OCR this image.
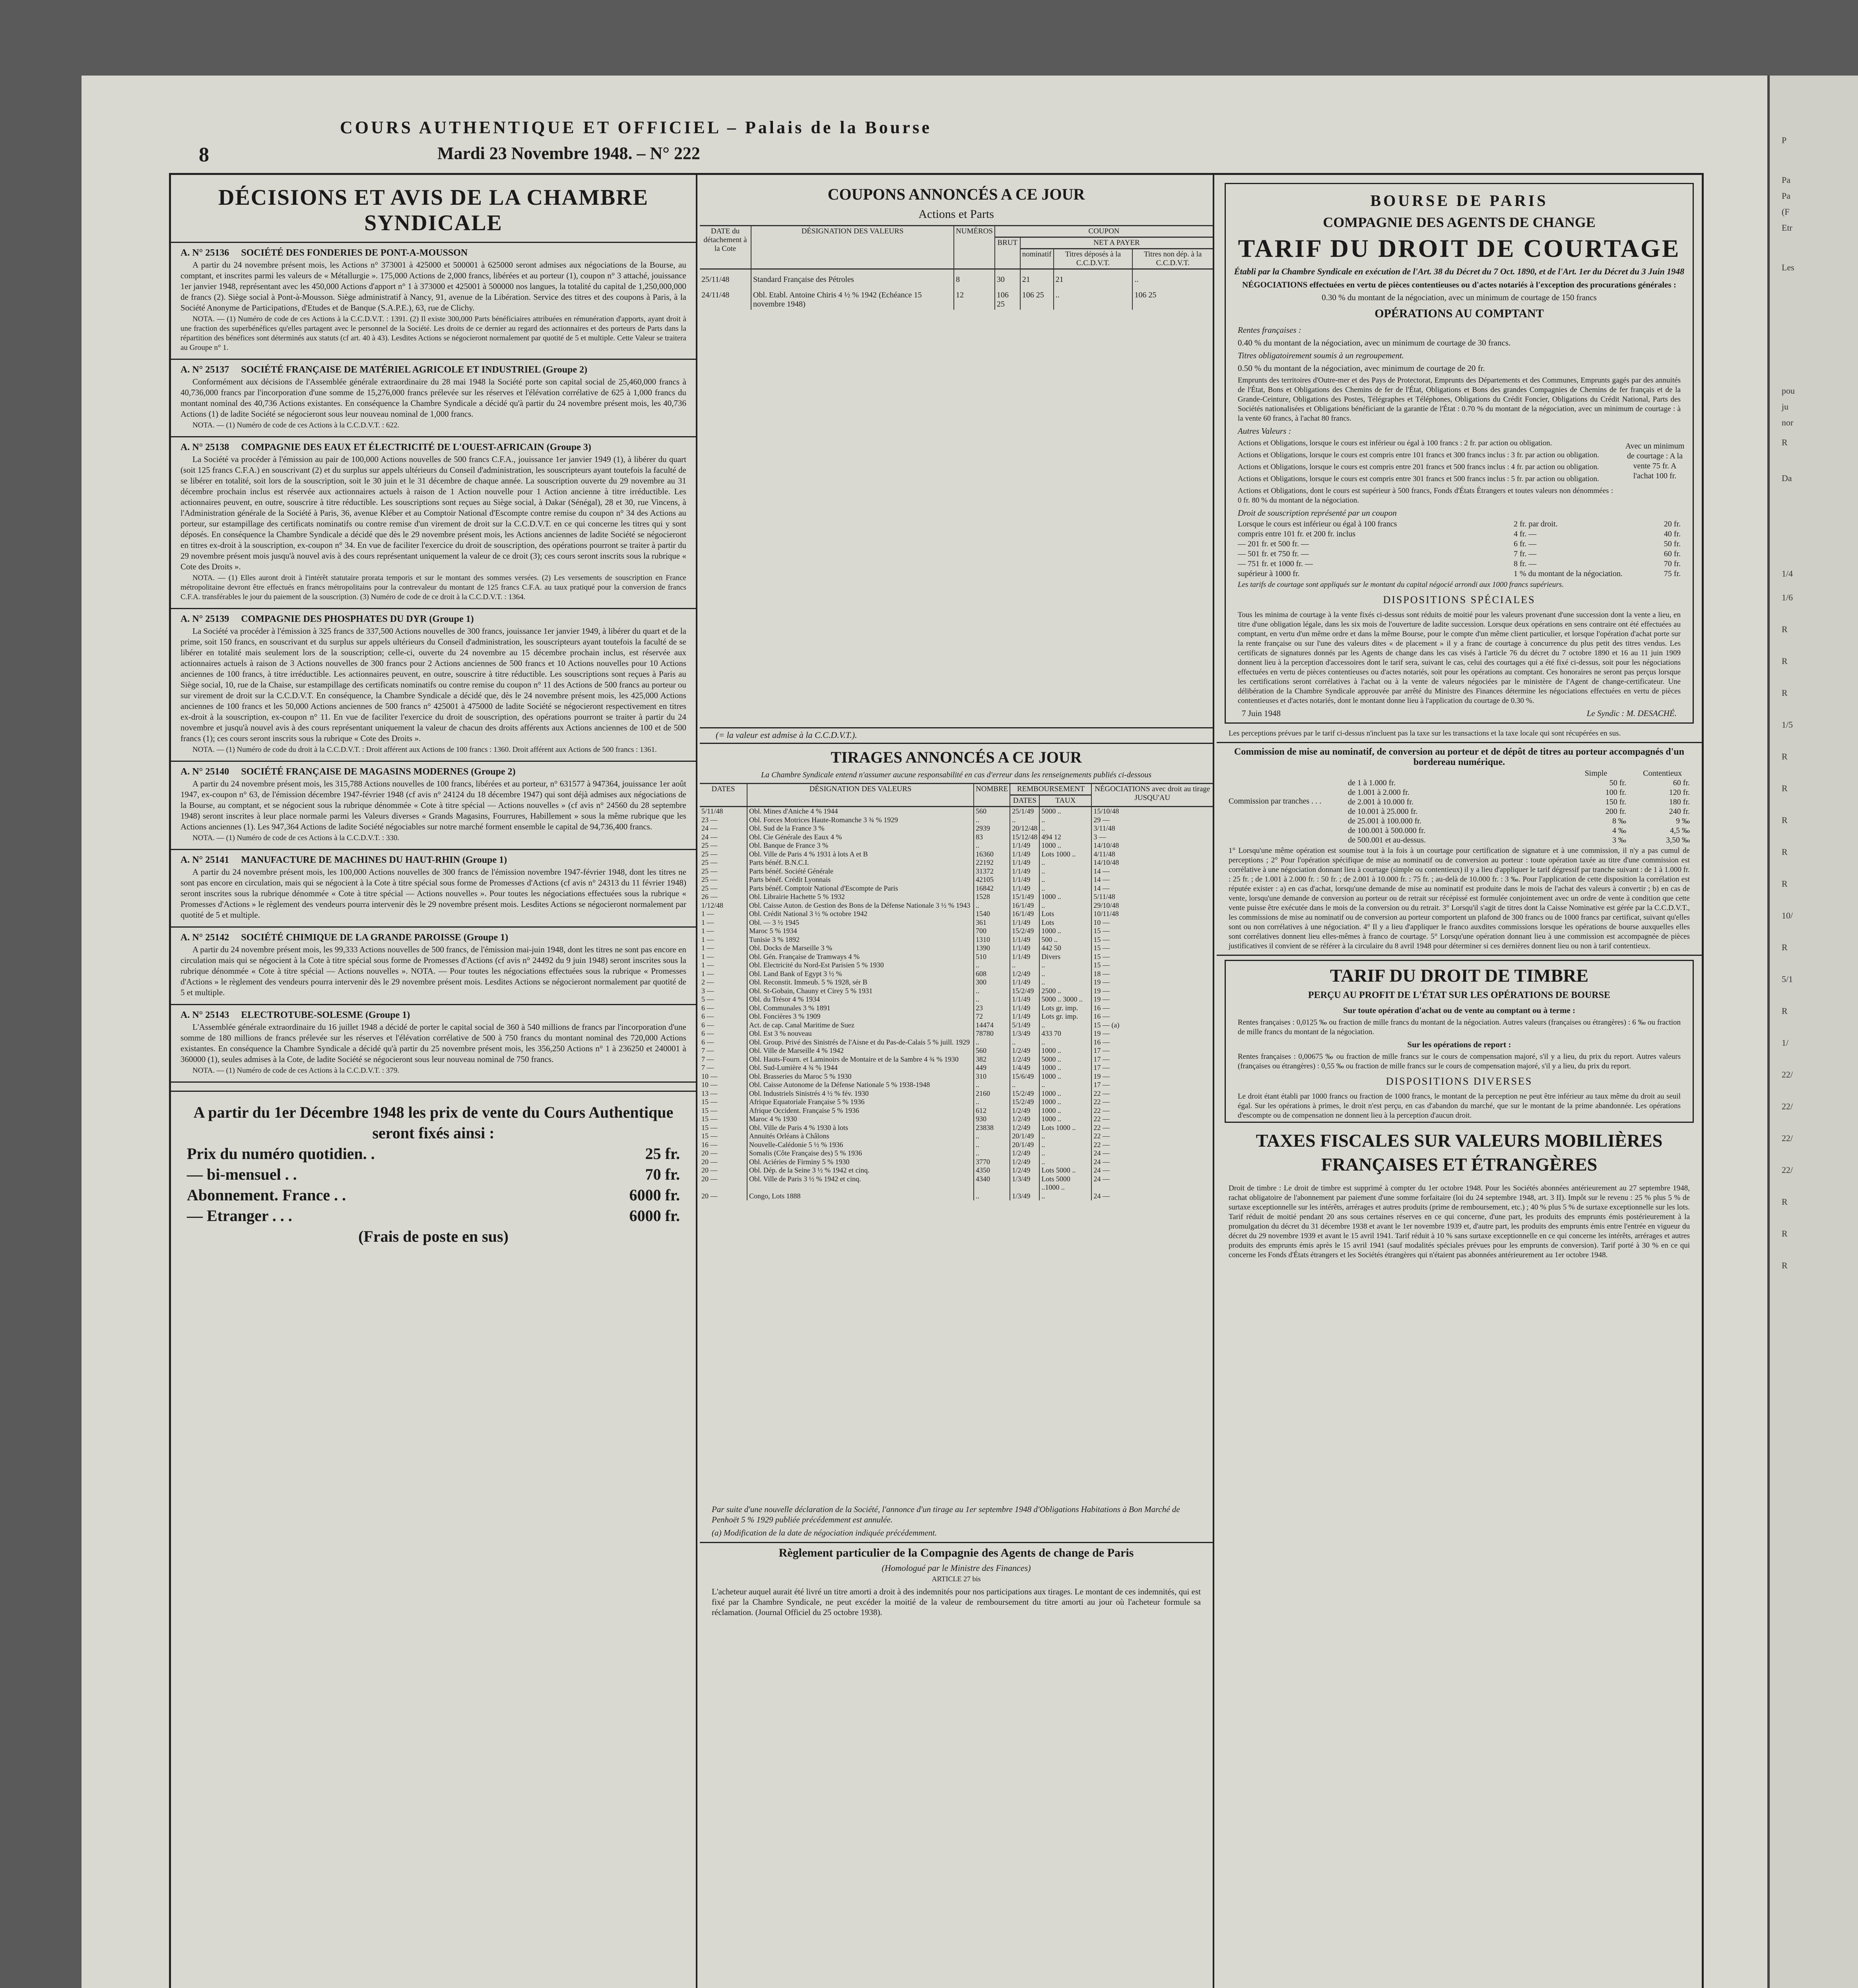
8
COURS AUTHENTIQUE ET OFFICIEL – Palais de la Bourse
Mardi 23 Novembre 1948. – N° 222
DÉCISIONS ET AVIS DE LA CHAMBRE SYNDICALE
A. N° 25136 SOCIÉTÉ DES FONDERIES DE PONT-A-MOUSSON

A partir du 24 novembre présent mois, les Actions n° 373001 à 425000 et 500001 à 625000 seront admises aux négociations de la Bourse, au comptant, et inscrites parmi les valeurs de « Métallurgie ». 175,000 Actions de 2,000 francs, libérées et au porteur (1), coupon n° 3 attaché, jouissance 1er janvier 1948, représentant avec les 450,000 Actions d'apport n° 1 à 373000 et 425001 à 500000 nos langues, la totalité du capital de 1,250,000,000 de francs (2). Siège social à Pont-à-Mousson. Siège administratif à Nancy, 91, avenue de la Libération. Service des titres et des coupons à Paris, à la Société Anonyme de Participations, d'Etudes et de Banque (S.A.P.E.), 63, rue de Clichy.

NOTA. — (1) Numéro de code de ces Actions à la C.C.D.V.T. : 1391. (2) Il existe 300,000 Parts bénéficiaires attribuées en rémunération d'apports, ayant droit à une fraction des superbénéfices qu'elles partagent avec le personnel de la Société. Les droits de ce dernier au regard des actionnaires et des porteurs de Parts dans la répartition des bénéfices sont déterminés aux statuts (cf art. 40 à 43). Lesdites Actions se négocieront normalement par quotité de 5 et multiple. Cette Valeur se traitera au Groupe n° 1.

A. N° 25137 SOCIÉTÉ FRANÇAISE DE MATÉRIEL AGRICOLE ET INDUSTRIEL (Groupe 2)

Conformément aux décisions de l'Assemblée générale extraordinaire du 28 mai 1948 la Société porte son capital social de 25,460,000 francs à 40,736,000 francs par l'incorporation d'une somme de 15,276,000 francs prélevée sur les réserves et l'élévation corrélative de 625 à 1,000 francs du montant nominal des 40,736 Actions existantes. En conséquence la Chambre Syndicale a décidé qu'à partir du 24 novembre présent mois, les 40,736 Actions (1) de ladite Société se négocieront sous leur nouveau nominal de 1,000 francs.

NOTA. — (1) Numéro de code de ces Actions à la C.C.D.V.T. : 622.

A. N° 25138 COMPAGNIE DES EAUX ET ÉLECTRICITÉ DE L'OUEST-AFRICAIN (Groupe 3)

La Société va procéder à l'émission au pair de 100,000 Actions nouvelles de 500 francs C.F.A., jouissance 1er janvier 1949 (1), à libérer du quart (soit 125 francs C.F.A.) en souscrivant (2) et du surplus sur appels ultérieurs du Conseil d'administration, les souscripteurs ayant toutefois la faculté de se libérer en totalité, soit lors de la souscription, soit le 30 juin et le 31 décembre de chaque année. La souscription ouverte du 29 novembre au 31 décembre prochain inclus est réservée aux actionnaires actuels à raison de 1 Action nouvelle pour 1 Action ancienne à titre irréductible. Les actionnaires peuvent, en outre, souscrire à titre réductible. Les souscriptions sont reçues au Siège social, à Dakar (Sénégal), 28 et 30, rue Vincens, à l'Administration générale de la Société à Paris, 36, avenue Kléber et au Comptoir National d'Escompte contre remise du coupon n° 34 des Actions au porteur, sur estampillage des certificats nominatifs ou contre remise d'un virement de droit sur la C.C.D.V.T. en ce qui concerne les titres qui y sont déposés. En conséquence la Chambre Syndicale a décidé que dès le 29 novembre présent mois, les Actions anciennes de ladite Société se négocieront en titres ex-droit à la souscription, ex-coupon n° 34. En vue de faciliter l'exercice du droit de souscription, des opérations pourront se traiter à partir du 29 novembre présent mois jusqu'à nouvel avis à des cours représentant uniquement la valeur de ce droit (3); ces cours seront inscrits sous la rubrique « Cote des Droits ».

NOTA. — (1) Elles auront droit à l'intérêt statutaire prorata temporis et sur le montant des sommes versées. (2) Les versements de souscription en France métropolitaine devront être effectués en francs métropolitains pour la contrevaleur du montant de 125 francs C.F.A. au taux pratiqué pour la conversion de francs C.F.A. transférables le jour du paiement de la souscription. (3) Numéro de code de ce droit à la C.C.D.V.T. : 1364.

A. N° 25139 COMPAGNIE DES PHOSPHATES DU DYR (Groupe 1)

La Société va procéder à l'émission à 325 francs de 337,500 Actions nouvelles de 300 francs, jouissance 1er janvier 1949, à libérer du quart et de la prime, soit 150 francs, en souscrivant et du surplus sur appels ultérieurs du Conseil d'administration, les souscripteurs ayant toutefois la faculté de se libérer en totalité mais seulement lors de la souscription; celle-ci, ouverte du 24 novembre au 15 décembre prochain inclus, est réservée aux actionnaires actuels à raison de 3 Actions nouvelles de 300 francs pour 2 Actions anciennes de 500 francs et 10 Actions nouvelles pour 10 Actions anciennes de 100 francs, à titre irréductible. Les actionnaires peuvent, en outre, souscrire à titre réductible. Les souscriptions sont reçues à Paris au Siège social, 10, rue de la Chaise, sur estampillage des certificats nominatifs ou contre remise du coupon n° 11 des Actions de 500 francs au porteur ou sur virement de droit sur la C.C.D.V.T. En conséquence, la Chambre Syndicale a décidé que, dès le 24 novembre présent mois, les 425,000 Actions anciennes de 100 francs et les 50,000 Actions anciennes de 500 francs n° 425001 à 475000 de ladite Société se négocieront respectivement en titres ex-droit à la souscription, ex-coupon n° 11. En vue de faciliter l'exercice du droit de souscription, des opérations pourront se traiter à partir du 24 novembre et jusqu'à nouvel avis à des cours représentant uniquement la valeur de chacun des droits afférents aux Actions anciennes de 100 et de 500 francs (1); ces cours seront inscrits sous la rubrique « Cote des Droits ».

NOTA. — (1) Numéro de code du droit à la C.C.D.V.T. : Droit afférent aux Actions de 100 francs : 1360. Droit afférent aux Actions de 500 francs : 1361.

A. N° 25140 SOCIÉTÉ FRANÇAISE DE MAGASINS MODERNES (Groupe 2)

A partir du 24 novembre présent mois, les 315,788 Actions nouvelles de 100 francs, libérées et au porteur, n° 631577 à 947364, jouissance 1er août 1947, ex-coupon n° 63, de l'émission décembre 1947-février 1948 (cf avis n° 24124 du 18 décembre 1947) qui sont déjà admises aux négociations de la Bourse, au comptant, et se négocient sous la rubrique dénommée « Cote à titre spécial — Actions nouvelles » (cf avis n° 24560 du 28 septembre 1948) seront inscrites à leur place normale parmi les Valeurs diverses « Grands Magasins, Fourrures, Habillement » sous la même rubrique que les Actions anciennes (1). Les 947,364 Actions de ladite Société négociables sur notre marché forment ensemble le capital de 94,736,400 francs.

NOTA. — (1) Numéro de code de ces Actions à la C.C.D.V.T. : 330.

A. N° 25141 MANUFACTURE DE MACHINES DU HAUT-RHIN (Groupe 1)

A partir du 24 novembre présent mois, les 100,000 Actions nouvelles de 300 francs de l'émission novembre 1947-février 1948, dont les titres ne sont pas encore en circulation, mais qui se négocient à la Cote à titre spécial sous forme de Promesses d'Actions (cf avis n° 24313 du 11 février 1948) seront inscrites sous la rubrique dénommée « Cote à titre spécial — Actions nouvelles ». Pour toutes les négociations effectuées sous la rubrique « Promesses d'Actions » le règlement des vendeurs pourra intervenir dès le 29 novembre présent mois. Lesdites Actions se négocieront normalement par quotité de 5 et multiple.

A. N° 25142 SOCIÉTÉ CHIMIQUE DE LA GRANDE PAROISSE (Groupe 1)

A partir du 24 novembre présent mois, les 99,333 Actions nouvelles de 500 francs, de l'émission mai-juin 1948, dont les titres ne sont pas encore en circulation mais qui se négocient à la Cote à titre spécial sous forme de Promesses d'Actions (cf avis n° 24492 du 9 juin 1948) seront inscrites sous la rubrique dénommée « Cote à titre spécial — Actions nouvelles ». NOTA. — Pour toutes les négociations effectuées sous la rubrique « Promesses d'Actions » le règlement des vendeurs pourra intervenir dès le 29 novembre présent mois. Lesdites Actions se négocieront normalement par quotité de 5 et multiple.

A. N° 25143 ELECTROTUBE-SOLESME (Groupe 1)

L'Assemblée générale extraordinaire du 16 juillet 1948 a décidé de porter le capital social de 360 à 540 millions de francs par l'incorporation d'une somme de 180 millions de francs prélevée sur les réserves et l'élévation corrélative de 500 à 750 francs du montant nominal des 720,000 Actions existantes. En conséquence la Chambre Syndicale a décidé qu'à partir du 25 novembre présent mois, les 356,250 Actions n° 1 à 236250 et 240001 à 360000 (1), seules admises à la Cote, de ladite Société se négocieront sous leur nouveau nominal de 750 francs.

NOTA. — (1) Numéro de code de ces Actions à la C.C.D.V.T. : 379.

A partir du 1er Décembre 1948 les prix de vente du Cours Authentique seront fixés ainsi :
Prix du numéro quotidien. .	25 fr.
— bi-mensuel . .	70 fr.
Abonnement. France . .	6000 fr.
— Etranger . . .	6000 fr.
(Frais de poste en sus)
COUPONS ANNONCÉS A CE JOUR
Actions et Parts
DATE du détachement à la Cote	DÉSIGNATION DES VALEURS	NUMÉROS	COUPON			
			BRUT	NET A PAYER		
				nominatif	Titres déposés à la C.C.D.V.T.	Titres non dép. à la C.C.D.V.T.
25/11/48	Standard Française des Pétroles	8	30	21	21	..
24/11/48	Obl. Etabl. Antoine Chiris 4 ½ % 1942 (Echéance 15 novembre 1948)	12	106 25	106 25	..	106 25
(= la valeur est admise à la C.C.D.V.T.).
TIRAGES ANNONCÉS A CE JOUR
La Chambre Syndicale entend n'assumer aucune responsabilité en cas d'erreur dans les renseignements publiés ci-dessous
DATES	DÉSIGNATION DES VALEURS	NOMBRE	REMBOURSEMENT		NÉGOCIATIONS avec droit au tirage JUSQU'AU
			DATES	TAUX	
5/11/48	Obl. Mines d'Aniche 4 % 1944	560	25/1/49	5000 ..	15/10/48
23 —	Obl. Forces Motrices Haute-Romanche 3 ¾ % 1929	..	..	..	29 —
24 —	Obl. Sud de la France 3 %	2939	20/12/48	..	3/11/48
24 —	Obl. Cie Générale des Eaux 4 %	83	15/12/48	494 12	3 —
25 —	Obl. Banque de France 3 %	..	1/1/49	1000 ..	14/10/48
25 —	Obl. Ville de Paris 4 % 1931 à lots A et B	16360	1/1/49	Lots 1000 ..	4/11/48
25 —	Parts bénéf. B.N.C.I.	22192	1/1/49	..	14/10/48
25 —	Parts bénéf. Société Générale	31372	1/1/49	..	14 —
25 —	Parts bénéf. Crédit Lyonnais	42105	1/1/49	..	14 —
25 —	Parts bénéf. Comptoir National d'Escompte de Paris	16842	1/1/49	..	14 —
26 —	Obl. Librairie Hachette 5 % 1932	1528	15/1/49	1000 ..	5/11/48
1/12/48	Obl. Caisse Auton. de Gestion des Bons de la Défense Nationale 3 ½ % 1943	..	16/1/49	..	29/10/48
1 —	Obl. Crédit National 3 ½ % octobre 1942	1540	16/1/49	Lots	10/11/48
1 —	Obl. — 3 ½ 1945	361	1/1/49	Lots	10 —
1 —	Maroc 5 % 1934	700	15/2/49	1000 ..	15 —
1 —	Tunisie 3 % 1892	1310	1/1/49	500 ..	15 —
1 —	Obl. Docks de Marseille 3 %	1390	1/1/49	442 50	15 —
1 —	Obl. Gén. Française de Tramways 4 %	510	1/1/49	Divers	15 —
1 —	Obl. Electricité du Nord-Est Parisien 5 % 1930	..	..	..	15 —
1 —	Obl. Land Bank of Egypt 3 ½ %	608	1/2/49	..	18 —
2 —	Obl. Reconstit. Immeub. 5 % 1928, sér B	300	1/1/49	..	19 —
3 —	Obl. St-Gobain, Chauny et Cirey 5 % 1931	..	15/2/49	2500 ..	19 —
5 —	Obl. du Trésor 4 % 1934	..	1/1/49	5000 .. 3000 ..	19 —
6 —	Obl. Communales 3 % 1891	23	1/1/49	Lots gr. imp.	16 —
6 —	Obl. Foncières 3 % 1909	72	1/1/49	Lots gr. imp.	16 —
6 —	Act. de cap. Canal Maritime de Suez	14474	5/1/49	..	15 — (a)
6 —	Obl. Est 3 % nouveau	78780	1/3/49	433 70	19 —
6 —	Obl. Group. Privé des Sinistrés de l'Aisne et du Pas-de-Calais 5 % juill. 1929	..	..	..	16 —
7 —	Obl. Ville de Marseille 4 % 1942	560	1/2/49	1000 ..	17 —
7 —	Obl. Hauts-Fourn. et Laminoirs de Montaire et de la Sambre 4 ¾ % 1930	382	1/2/49	5000 ..	17 —
7 —	Obl. Sud-Lumière 4 ¾ % 1944	449	1/4/49	1000 ..	17 —
10 —	Obl. Brasseries du Maroc 5 % 1930	310	15/6/49	1000 ..	19 —
10 —	Obl. Caisse Autonome de la Défense Nationale 5 % 1938-1948	..	..	..	17 —
13 —	Obl. Industriels Sinistrés 4 ½ % fév. 1930	2160	15/2/49	1000 ..	22 —
15 —	Afrique Equatoriale Française 5 % 1936	..	15/2/49	1000 ..	22 —
15 —	Afrique Occident. Française 5 % 1936	612	1/2/49	1000 ..	22 —
15 —	Maroc 4 % 1930	930	1/2/49	1000 ..	22 —
15 —	Obl. Ville de Paris 4 % 1930 à lots	23838	1/2/49	Lots 1000 ..	22 —
15 —	Annuités Orléans à Châlons	..	20/1/49	..	22 —
16 —	Nouvelle-Calédonie 5 ½ % 1936	..	20/1/49	..	22 —
20 —	Somalis (Côte Française des) 5 % 1936	..	1/2/49	..	24 —
20 —	Obl. Aciéries de Firminy 5 % 1930	3770	1/2/49	..	24 —
20 —	Obl. Dép. de la Seine 3 ½ % 1942 et cinq.	4350	1/2/49	Lots 5000 ..	24 —
20 —	Obl. Ville de Paris 3 ½ % 1942 et cinq.	4340	1/3/49	Lots 5000 ..1000 ..	24 —
20 —	Congo, Lots 1888	..	1/3/49	..	24 —
Par suite d'une nouvelle déclaration de la Société, l'annonce d'un tirage au 1er septembre 1948 d'Obligations Habitations à Bon Marché de Penhoët 5 % 1929 publiée précédemment est annulée.
(a) Modification de la date de négociation indiquée précédemment.
Règlement particulier de la Compagnie des Agents de change de Paris
(Homologué par le Ministre des Finances)
ARTICLE 27 bis
L'acheteur auquel aurait été livré un titre amorti a droit à des indemnités pour nos participations aux tirages. Le montant de ces indemnités, qui est fixé par la Chambre Syndicale, ne peut excéder la moitié de la valeur de remboursement du titre amorti au jour où l'acheteur formule sa réclamation. (Journal Officiel du 25 octobre 1938).
BOURSE DE PARIS
COMPAGNIE DES AGENTS DE CHANGE
TARIF DU DROIT DE COURTAGE
Établi par la Chambre Syndicale en exécution de l'Art. 38 du Décret du 7 Oct. 1890, et de l'Art. 1er du Décret du 3 Juin 1948
NÉGOCIATIONS effectuées en vertu de pièces contentieuses ou d'actes notariés à l'exception des procurations générales :
0.30 % du montant de la négociation, avec un minimum de courtage de 150 francs
OPÉRATIONS AU COMPTANT
Rentes françaises :
0.40 % du montant de la négociation, avec un minimum de courtage de 30 francs.
Titres obligatoirement soumis à un regroupement.
0.50 % du montant de la négociation, avec minimum de courtage de 20 fr.
Emprunts des territoires d'Outre-mer et des Pays de Protectorat, Emprunts des Départements et des Communes, Emprunts gagés par des annuités de l'État, Bons et Obligations des Chemins de fer de l'État, Obligations et Bons des grandes Compagnies de Chemins de fer français et de la Grande-Ceinture, Obligations des Postes, Télégraphes et Téléphones, Obligations du Crédit Foncier, Obligations du Crédit National, Parts des Sociétés nationalisées et Obligations bénéficiant de la garantie de l'État : 0.70 % du montant de la négociation, avec un minimum de courtage : à la vente 60 francs, à l'achat 80 francs.
Autres Valeurs :
Actions et Obligations, lorsque le cours est inférieur ou égal à 100 francs : 2 fr. par action ou obligation.
Actions et Obligations, lorsque le cours est compris entre 101 francs et 300 francs inclus : 3 fr. par action ou obligation.
Actions et Obligations, lorsque le cours est compris entre 201 francs et 500 francs inclus : 4 fr. par action ou obligation.
Actions et Obligations, lorsque le cours est compris entre 301 francs et 500 francs inclus : 5 fr. par action ou obligation.
Actions et Obligations, dont le cours est supérieur à 500 francs, Fonds d'États Étrangers et toutes valeurs non dénommées : 0 fr. 80 % du montant de la négociation.
Avec un minimum de courtage : A la vente 75 fr. A l'achat 100 fr.
Droit de souscription représenté par un coupon
Lorsque le cours est inférieur ou égal à 100 francs	2 fr. par droit.	20 fr.
compris entre 101 fr. et 200 fr. inclus	4 fr. —	40 fr.
— 201 fr. et 500 fr. —	6 fr. —	50 fr.
— 501 fr. et 750 fr. —	7 fr. —	60 fr.
— 751 fr. et 1000 fr. —	8 fr. —	70 fr.
supérieur à 1000 fr.	1 % du montant de la négociation.	75 fr.
Les tarifs de courtage sont appliqués sur le montant du capital négocié arrondi aux 1000 francs supérieurs.
DISPOSITIONS SPÉCIALES
Tous les minima de courtage à la vente fixés ci-dessus sont réduits de moitié pour les valeurs provenant d'une succession dont la vente a lieu, en titre d'une obligation légale, dans les six mois de l'ouverture de ladite succession. Lorsque deux opérations en sens contraire ont été effectuées au comptant, en vertu d'un même ordre et dans la même Bourse, pour le compte d'un même client particulier, et lorsque l'opération d'achat porte sur la rente française ou sur l'une des valeurs dites « de placement » il y a franc de courtage à concurrence du plus petit des titres vendus. Les certificats de signatures donnés par les Agents de change dans les cas visés à l'article 76 du décret du 7 octobre 1890 et 16 au 11 juin 1909 donnent lieu à la perception d'accessoires dont le tarif sera, suivant le cas, celui des courtages qui a été fixé ci-dessus, soit pour les négociations effectuées en vertu de pièces contentieuses ou d'actes notariés, soit pour les opérations au comptant. Ces honoraires ne seront pas perçus lorsque les certifications seront corrélatives à l'achat ou à la vente de valeurs négociées par le ministère de l'Agent de change-certificateur. Une délibération de la Chambre Syndicale approuvée par arrêté du Ministre des Finances détermine les négociations effectuées en vertu de pièces contentieuses et d'actes notariés, dont le montant donne lieu à l'application du courtage de 0.30 %.
7 Juin 1948	Le Syndic : M. DESACHÉ.
Les perceptions prévues par le tarif ci-dessus n'incluent pas la taxe sur les transactions et la taxe locale qui sont récupérées en sus.
Commission de mise au nominatif, de conversion au porteur et de dépôt de titres au porteur accompagnés d'un bordereau numérique.
Commission par tranches . . .
Simple	Contentieux
de 1 à 1.000 fr.	50 fr.	60 fr.
de 1.001 à 2.000 fr.	100 fr.	120 fr.
de 2.001 à 10.000 fr.	150 fr.	180 fr.
de 10.001 à 25.000 fr.	200 fr.	240 fr.
de 25.001 à 100.000 fr.	8 ‰	9 ‰
de 100.001 à 500.000 fr.	4 ‰	4,5 ‰
de 500.001 et au-dessus.	3 ‰	3,50 ‰
1° Lorsqu'une même opération est soumise tout à la fois à un courtage pour certification de signature et à une commission, il n'y a pas cumul de perceptions ; 2° Pour l'opération spécifique de mise au nominatif ou de conversion au porteur : toute opération taxée au titre d'une commission est corrélative à une négociation donnant lieu à courtage (simple ou contentieux) il y a lieu d'appliquer le tarif dégressif par tranche suivant : de 1 à 1.000 fr. : 25 fr. ; de 1.001 à 2.000 fr. : 50 fr. ; de 2.001 à 10.000 fr. : 75 fr. ; au-delà de 10.000 fr. : 3 ‰. Pour l'application de cette disposition la corrélation est réputée exister : a) en cas d'achat, lorsqu'une demande de mise au nominatif est produite dans le mois de l'achat des valeurs à convertir ; b) en cas de vente, lorsqu'une demande de conversion au porteur ou de retrait sur récépissé est formulée conjointement avec un ordre de vente à condition que cette vente puisse être exécutée dans le mois de la conversion ou du retrait. 3° Lorsqu'il s'agit de titres dont la Caisse Nominative est gérée par la C.C.D.V.T., les commissions de mise au nominatif ou de conversion au porteur comportent un plafond de 300 francs ou de 1000 francs par certificat, suivant qu'elles sont ou non corrélatives à une négociation. 4° Il y a lieu d'appliquer le franco auxdites commissions lorsque les opérations de bourse auxquelles elles sont corrélatives donnent lieu elles-mêmes à franco de courtage. 5° Lorsqu'une opération donnant lieu à une commission est accompagnée de pièces justificatives il convient de se référer à la circulaire du 8 avril 1948 pour déterminer si ces dernières donnent lieu ou non à tarif contentieux.
TARIF DU DROIT DE TIMBRE
PERÇU AU PROFIT DE L'ÉTAT SUR LES OPÉRATIONS DE BOURSE
Sur toute opération d'achat ou de vente au comptant ou à terme :
Rentes françaises : 0,0125 ‰ ou fraction de mille francs du montant de la négociation. Autres valeurs (françaises ou étrangères) : 6 ‰ ou fraction de mille francs du montant de la négociation.
Sur les opérations de report :
Rentes françaises : 0,00675 ‰ ou fraction de mille francs sur le cours de compensation majoré, s'il y a lieu, du prix du report. Autres valeurs (françaises ou étrangères) : 0,55 ‰ ou fraction de mille francs sur le cours de compensation majoré, s'il y a lieu, du prix du report.
DISPOSITIONS DIVERSES
Le droit étant établi par 1000 francs ou fraction de 1000 francs, le montant de la perception ne peut être inférieur au taux même du droit au seuil égal. Sur les opérations à primes, le droit n'est perçu, en cas d'abandon du marché, que sur le montant de la prime abandonnée. Les opérations d'escompte ou de compensation ne donnent lieu à la perception d'aucun droit.
TAXES FISCALES SUR VALEURS MOBILIÈRES FRANÇAISES ET ÉTRANGÈRES
Droit de timbre : Le droit de timbre est supprimé à compter du 1er octobre 1948. Pour les Sociétés abonnées antérieurement au 27 septembre 1948, rachat obligatoire de l'abonnement par paiement d'une somme forfaitaire (loi du 24 septembre 1948, art. 3 II). Impôt sur le revenu : 25 % plus 5 % de surtaxe exceptionnelle sur les intérêts, arrérages et autres produits (prime de remboursement, etc.) ; 40 % plus 5 % de surtaxe exceptionnelle sur les lots. Tarif réduit de moitié pendant 20 ans sous certaines réserves en ce qui concerne, d'une part, les produits des emprunts émis postérieurement à la promulgation du décret du 31 décembre 1938 et avant le 1er novembre 1939 et, d'autre part, les produits des emprunts émis entre l'entrée en vigueur du décret du 29 novembre 1939 et avant le 15 avril 1941. Tarif réduit à 10 % sans surtaxe exceptionnelle en ce qui concerne les intérêts, arrérages et autres produits des emprunts émis après le 15 avril 1941 (sauf modalités spéciales prévues pour les emprunts de conversion). Tarif porté à 30 % en ce qui concerne les Fonds d'États étrangers et les Sociétés étrangères qui n'étaient pas abonnées antérieurement au 1er octobre 1948.
P
Pa
Pa
(F
Etr
Les
pou
ju
nor
R
Da
1/4
1/6
R
R
R
1/5
R
R
R
R
R
10/
R
5/1
R
1/
22/
22/
22/
22/
R
R
R
